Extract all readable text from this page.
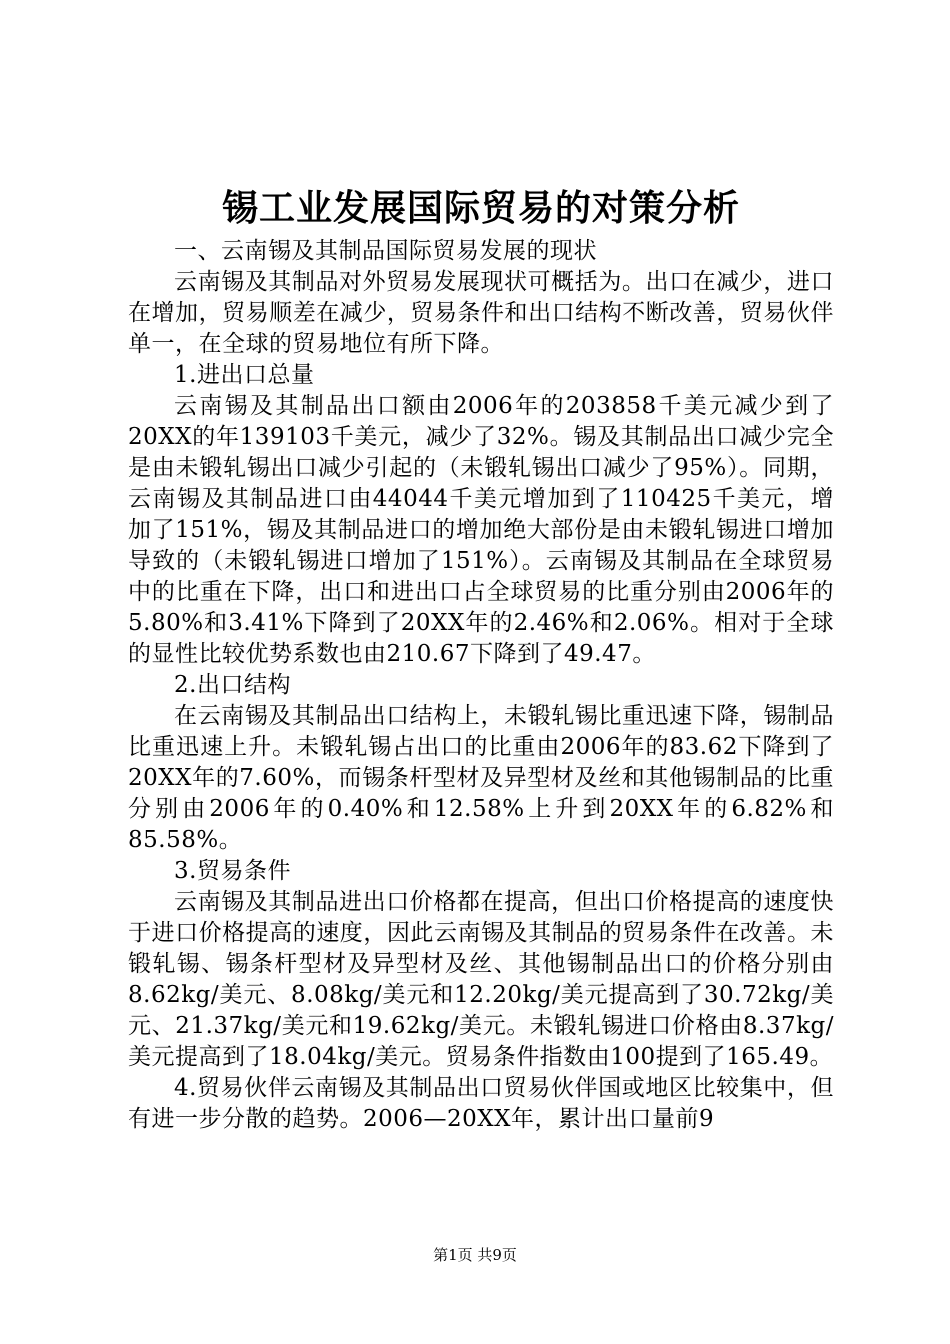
锡工业发展国际贸易的对策分析

一、云南锡及其制品国际贸易发展的现状

云南锡及其制品对外贸易发展现状可概括为。出口在减少，进口在增加，贸易顺差在减少，贸易条件和出口结构不断改善，贸易伙伴单一，在全球的贸易地位有所下降。

1.进出口总量

云南锡及其制品出口额由2006年的203858千美元减少到了20XX的年139103千美元，减少了32%。锡及其制品出口减少完全是由未锻轧锡出口减少引起的（未锻轧锡出口减少了95%）。同期，云南锡及其制品进口由44044千美元增加到了110425千美元，增加了151%，锡及其制品进口的增加绝大部份是由未锻轧锡进口增加导致的（未锻轧锡进口增加了151%）。云南锡及其制品在全球贸易中的比重在下降，出口和进出口占全球贸易的比重分别由2006年的5.80%和3.41%下降到了20XX年的2.46%和2.06%。相对于全球的显性比较优势系数也由210.67下降到了49.47。

2.出口结构

在云南锡及其制品出口结构上，未锻轧锡比重迅速下降，锡制品比重迅速上升。未锻轧锡占出口的比重由2006年的83.62下降到了20XX年的7.60%，而锡条杆型材及异型材及丝和其他锡制品的比重分别由2006年的0.40%和12.58%上升到20XX年的6.82%和85.58%。

3.贸易条件

云南锡及其制品进出口价格都在提高，但出口价格提高的速度快于进口价格提高的速度，因此云南锡及其制品的贸易条件在改善。未锻轧锡、锡条杆型材及异型材及丝、其他锡制品出口的价格分别由8.62kg/美元、8.08kg/美元和12.20kg/美元提高到了30.72kg/美元、21.37kg/美元和19.62kg/美元。未锻轧锡进口价格由8.37kg/美元提高到了18.04kg/美元。贸易条件指数由100提到了165.49。

4.贸易伙伴云南锡及其制品出口贸易伙伴国或地区比较集中，但有进一步分散的趋势。2006—20XX年，累计出口量前9

第1页 共9页
